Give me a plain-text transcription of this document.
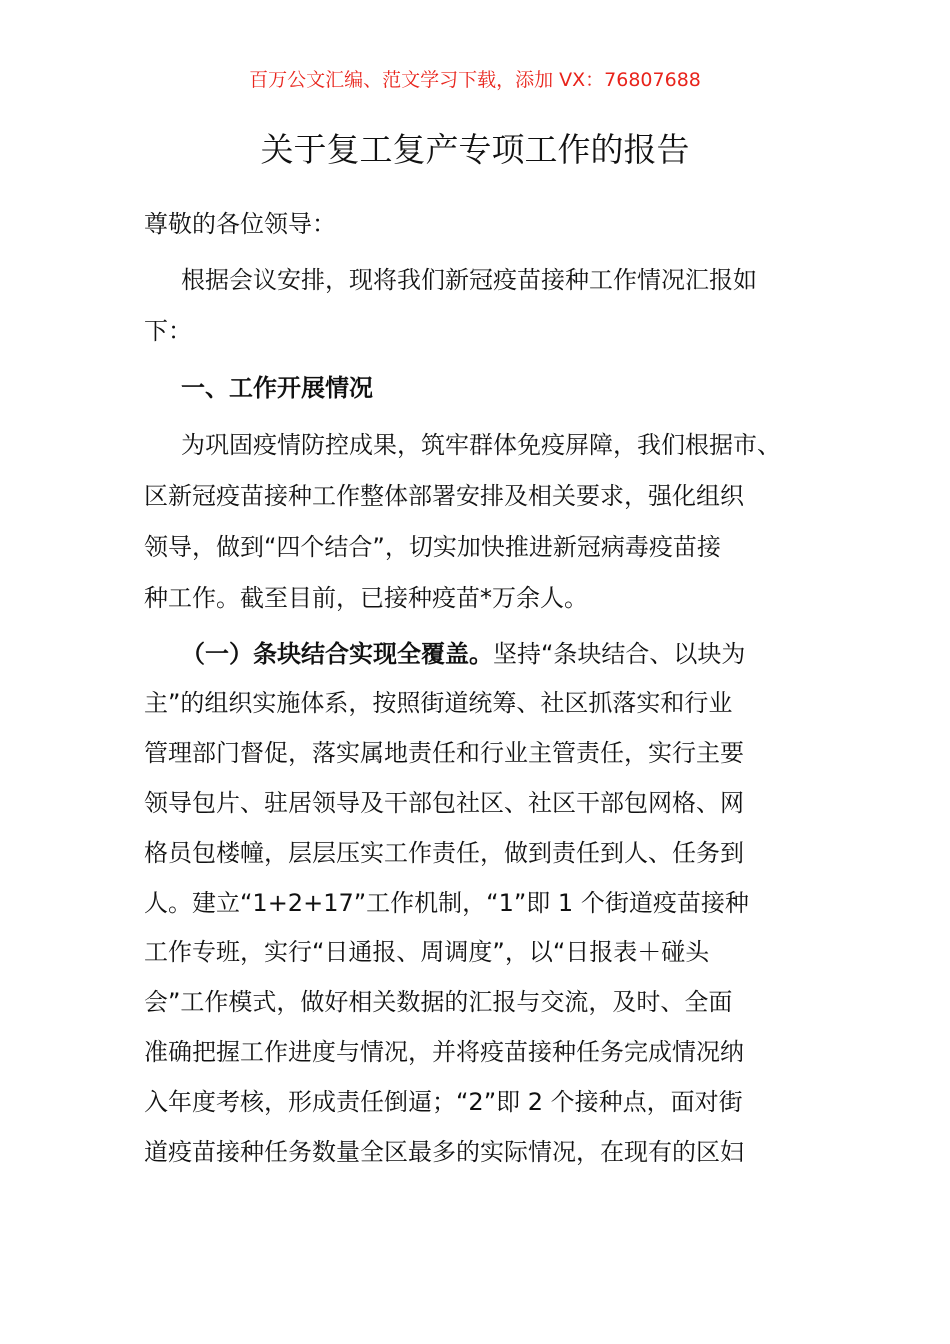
百万公文汇编、范文学习下载，添加 VX：76807688
关于复工复产专项工作的报告
尊敬的各位领导：
根据会议安排，现将我们新冠疫苗接种工作情况汇报如
下：
一、工作开展情况
为巩固疫情防控成果，筑牢群体免疫屏障，我们根据市、
区新冠疫苗接种工作整体部署安排及相关要求，强化组织
领导，做到“四个结合”，切实加快推进新冠病毒疫苗接
种工作。截至目前，已接种疫苗*万余人。
（一）条块结合实现全覆盖。坚持“条块结合、以块为
主”的组织实施体系，按照街道统筹、社区抓落实和行业
管理部门督促，落实属地责任和行业主管责任，实行主要
领导包片、驻居领导及干部包社区、社区干部包网格、网
格员包楼幢，层层压实工作责任，做到责任到人、任务到
人。建立“1+2+17”工作机制，“1”即 1 个街道疫苗接种
工作专班，实行“日通报、周调度”，以“日报表＋碰头
会”工作模式，做好相关数据的汇报与交流，及时、全面
准确把握工作进度与情况，并将疫苗接种任务完成情况纳
入年度考核，形成责任倒逼；“2”即 2 个接种点，面对街
道疫苗接种任务数量全区最多的实际情况，在现有的区妇
